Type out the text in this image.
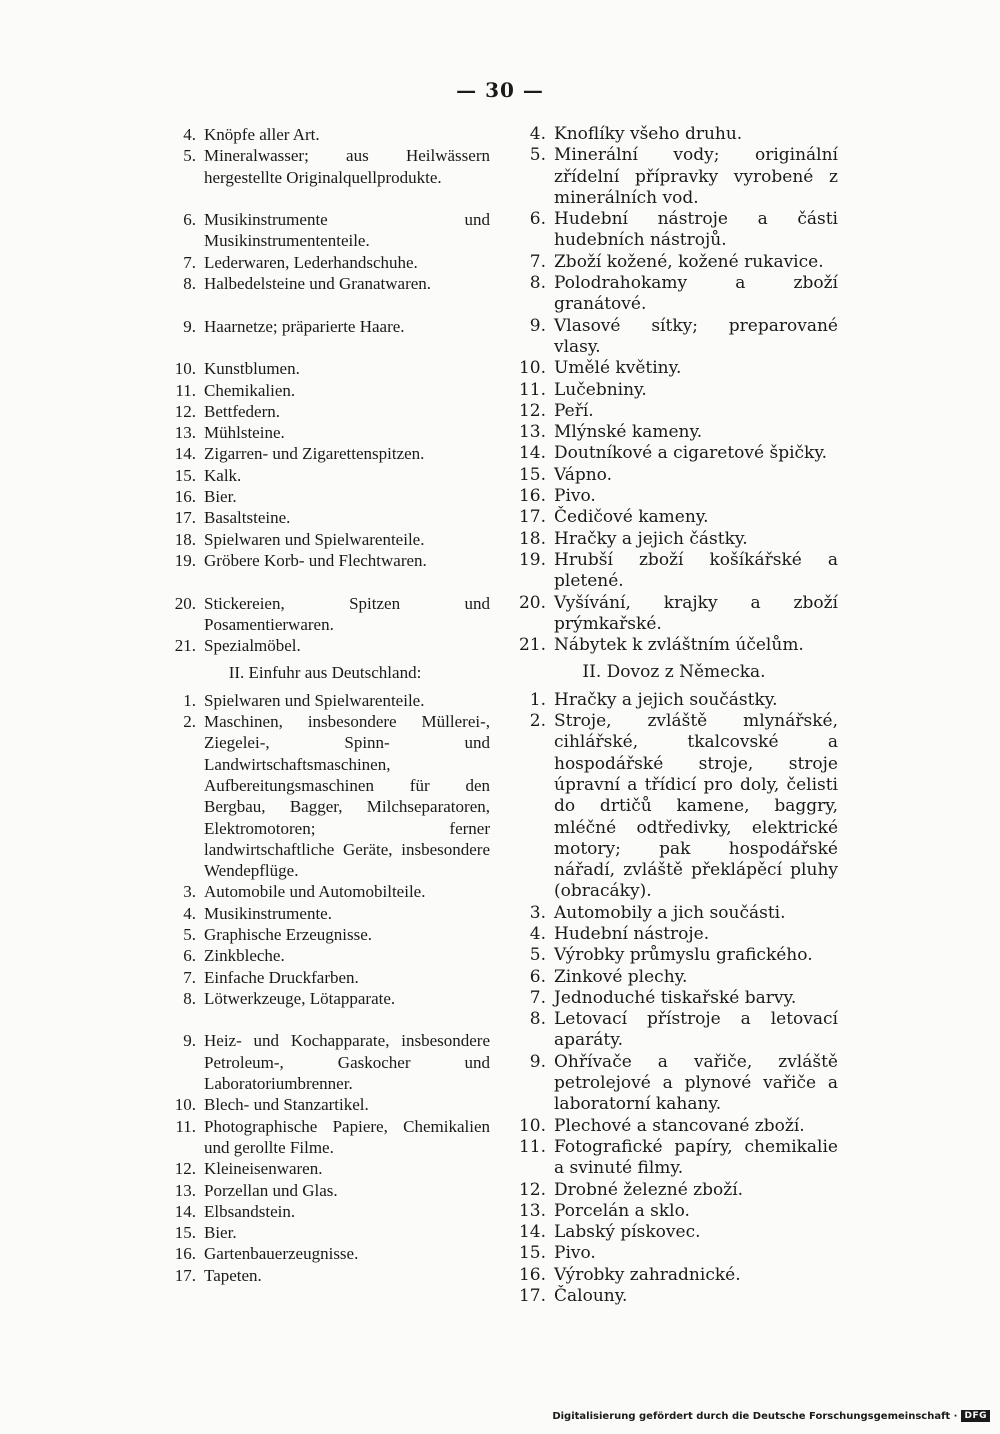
— 30 —
4. Knöpfe aller Art.
5. Mineralwasser; aus Heilwässern hergestellte Originalquellprodukte.
6. Musikinstrumente und Musikinstrumententeile.
7. Lederwaren, Lederhandschuhe.
8. Halbedelsteine und Granatwaren.
9. Haarnetze; präparierte Haare.
10. Kunstblumen.
11. Chemikalien.
12. Bettfedern.
13. Mühlsteine.
14. Zigarren- und Zigarettenspitzen.
15. Kalk.
16. Bier.
17. Basaltsteine.
18. Spielwaren und Spielwarenteile.
19. Gröbere Korb- und Flechtwaren.
20. Stickereien, Spitzen und Posamentierwaren.
21. Spezialmöbel.
II. Einfuhr aus Deutschland:
1. Spielwaren und Spielwarenteile.
2. Maschinen, insbesondere Müllerei-, Ziegelei-, Spinn- und Landwirtschaftsmaschinen, Aufbereitungsmaschinen für den Bergbau, Bagger, Milchseparatoren, Elektromotoren; ferner landwirtschaftliche Geräte, insbesondere Wendepflüge.
3. Automobile und Automobilteile.
4. Musikinstrumente.
5. Graphische Erzeugnisse.
6. Zinkbleche.
7. Einfache Druckfarben.
8. Lötwerkzeuge, Lötapparate.
9. Heiz- und Kochapparate, insbesondere Petroleum-, Gaskocher und Laboratoriumbrenner.
10. Blech- und Stanzartikel.
11. Photographische Papiere, Chemikalien und gerollte Filme.
12. Kleineisenwaren.
13. Porzellan und Glas.
14. Elbsandstein.
15. Bier.
16. Gartenbauerzeugnisse.
17. Tapeten.
4. Knoflíky všeho druhu.
5. Minerální vody; originální zřídelní přípravky vyrobené z minerálních vod.
6. Hudební nástroje a části hudebních nástrojů.
7. Zboží kožené, kožené rukavice.
8. Polodrahokamy a zboží granátové.
9. Vlasové sítky; preparované vlasy.
10. Umělé květiny.
11. Lučebniny.
12. Peří.
13. Mlýnské kameny.
14. Doutníkové a cigaretové špičky.
15. Vápno.
16. Pivo.
17. Čedičové kameny.
18. Hračky a jejich částky.
19. Hrubší zboží košíkářské a pletené.
20. Vyšívání, krajky a zboží prýmkařské.
21. Nábytek k zvláštním účelům.
II. Dovoz z Německa.
1. Hračky a jejich součástky.
2. Stroje, zvláště mlynářské, cihlářské, tkalcovské a hospodářské stroje, stroje úpravní a třídicí pro doly, čelisti do drtičů kamene, baggry, mléčné odtředivky, elektrické motory; pak hospodářské nářadí, zvláště překlápěcí pluhy (obracáky).
3. Automobily a jich součásti.
4. Hudební nástroje.
5. Výrobky průmyslu grafického.
6. Zinkové plechy.
7. Jednoduché tiskařské barvy.
8. Letovací přístroje a letovací aparáty.
9. Ohřívače a vařiče, zvláště petrolejové a plynové vařiče a laboratorní kahany.
10. Plechové a stancované zboží.
11. Fotografické papíry, chemikalie a svinuté filmy.
12. Drobné železné zboží.
13. Porcelán a sklo.
14. Labský pískovec.
15. Pivo.
16. Výrobky zahradnické.
17. Čalouny.
Digitalisierung gefördert durch die Deutsche Forschungsgemeinschaft · DFG
